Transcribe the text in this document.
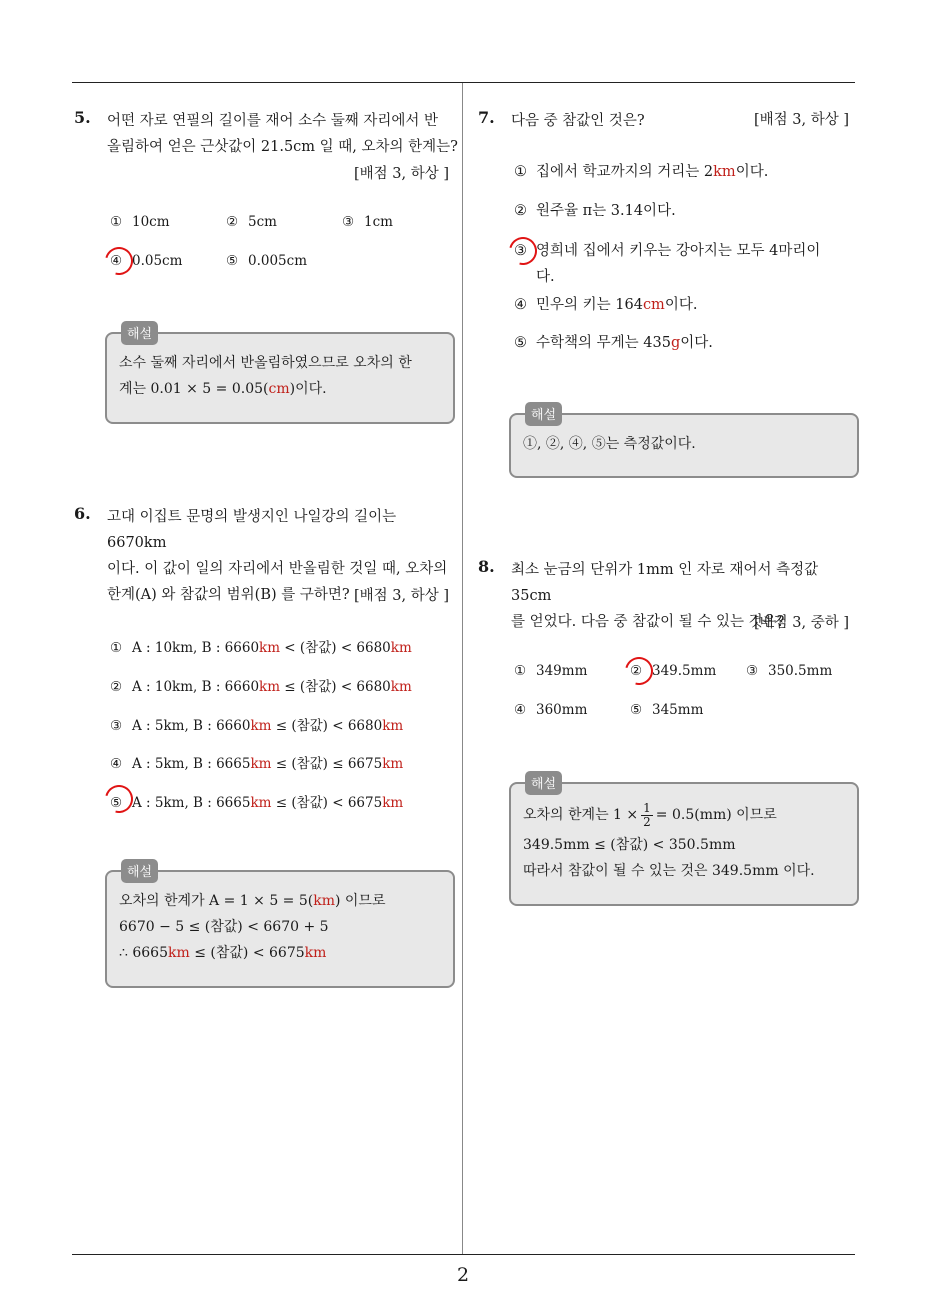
2
5. 어떤 자로 연필의 길이를 재어 소수 둘째 자리에서 반
올림하여 얻은 근삿값이 21.5cm 일 때, 오차의 한계는?
[배점 3, 하상 ]
① 10cm	② 5cm	③ 1cm
④ 0.05cm	⑤ 0.005cm
해설
소수 둘째 자리에서 반올림하였으므로 오차의 한
계는 0.01 × 5 = 0.05(cm)이다.
6. 고대 이집트 문명의 발생지인 나일강의 길이는 6670km
이다. 이 값이 일의 자리에서 반올림한 것일 때, 오차의
한계(A) 와 참값의 범위(B) 를 구하면? [배점 3, 하상 ]
① A : 10km, B : 6660km < (참값) < 6680km
② A : 10km, B : 6660km ≤ (참값) < 6680km
③ A : 5km, B : 6660km ≤ (참값) < 6680km
④ A : 5km, B : 6665km ≤ (참값) ≤ 6675km
⑤ A : 5km, B : 6665km ≤ (참값) < 6675km
해설
오차의 한계가 A = 1 × 5 = 5(km) 이므로
6670 − 5 ≤ (참값) < 6670 + 5
∴ 6665km ≤ (참값) < 6675km
7. 다음 중 참값인 것은?	[배점 3, 하상 ]
① 집에서 학교까지의 거리는 2km이다.
② 원주율 π는 3.14이다.
③ 영희네 집에서 키우는 강아지는 모두 4마리이
다.
④ 민우의 키는 164cm이다.
⑤ 수학책의 무게는 435g이다.
해설
①, ②, ④, ⑤는 측정값이다.
8. 최소 눈금의 단위가 1mm 인 자로 재어서 측정값 35cm
를 얻었다. 다음 중 참값이 될 수 있는 것은?
[배점 3, 중하 ]
① 349mm	② 349.5mm ③ 350.5mm
④ 360mm	⑤ 345mm
해설
오차의 한계는 $1 \times \frac{1}{2} = 0.5(mm)$ 이므로
349.5mm ≤ (참값) < 350.5mm
따라서 참값이 될 수 있는 것은 349.5mm 이다.
